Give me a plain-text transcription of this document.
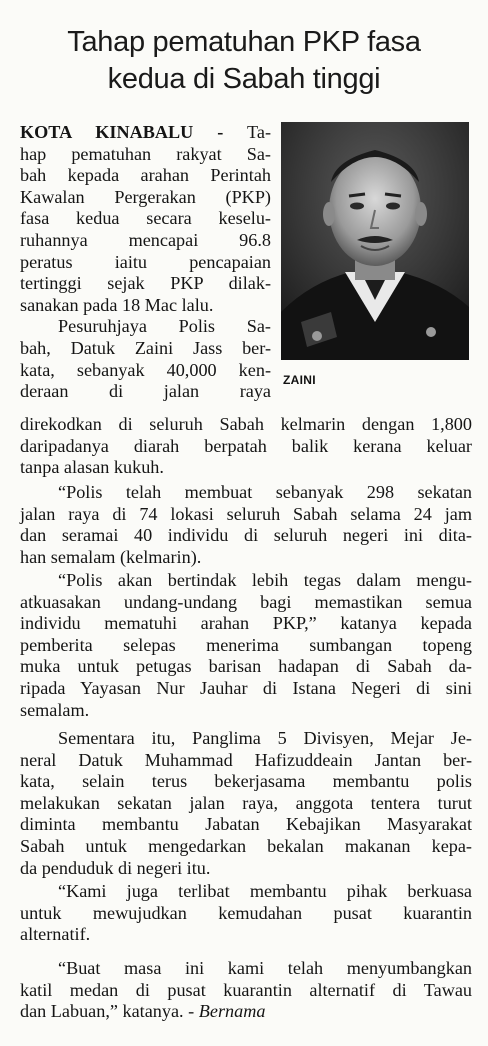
Tahap pematuhan PKP fasa
kedua di Sabah tinggi
ZAINI
KOTA KINABALU - Ta-
hap pematuhan rakyat Sa-
bah kepada arahan Perintah
Kawalan Pergerakan (PKP)
fasa kedua secara keselu-
ruhannya mencapai 96.8
peratus iaitu pencapaian
tertinggi sejak PKP dilak-
sanakan pada 18 Mac lalu.
Pesuruhjaya Polis Sa-
bah, Datuk Zaini Jass ber-
kata, sebanyak 40,000 ken-
deraan di jalan raya
direkodkan di seluruh Sabah kelmarin dengan 1,800
daripadanya diarah berpatah balik kerana keluar
tanpa alasan kukuh.
“Polis telah membuat sebanyak 298 sekatan
jalan raya di 74 lokasi seluruh Sabah selama 24 jam
dan seramai 40 individu di seluruh negeri ini ditа-
han semalam (kelmarin).
“Polis akan bertindak lebih tegas dalam mengu-
atkuasakan undang-undang bagi memastikan semua
individu mematuhi arahan PKP,” katanya kepada
pemberita selepas menerima sumbangan topeng
muka untuk petugas barisan hadapan di Sabah da-
ripada Yayasan Nur Jauhar di Istana Negeri di sini
semalam.
Sementara itu, Panglima 5 Divisyen, Mejar Je-
neral Datuk Muhammad Hafizuddeain Jantan ber-
kata, selain terus bekerjasama membantu polis
melakukan sekatan jalan raya, anggota tentera turut
diminta membantu Jabatan Kebajikan Masyarakat
Sabah untuk mengedarkan bekalan makanan kepa-
da penduduk di negeri itu.
“Kami juga terlibat membantu pihak berkuasa
untuk mewujudkan kemudahan pusat kuarantin
alternatif.
“Buat masa ini kami telah menyumbangkan
katil medan di pusat kuarantin alternatif di Tawau
dan Labuan,” katanya. - Bernama
